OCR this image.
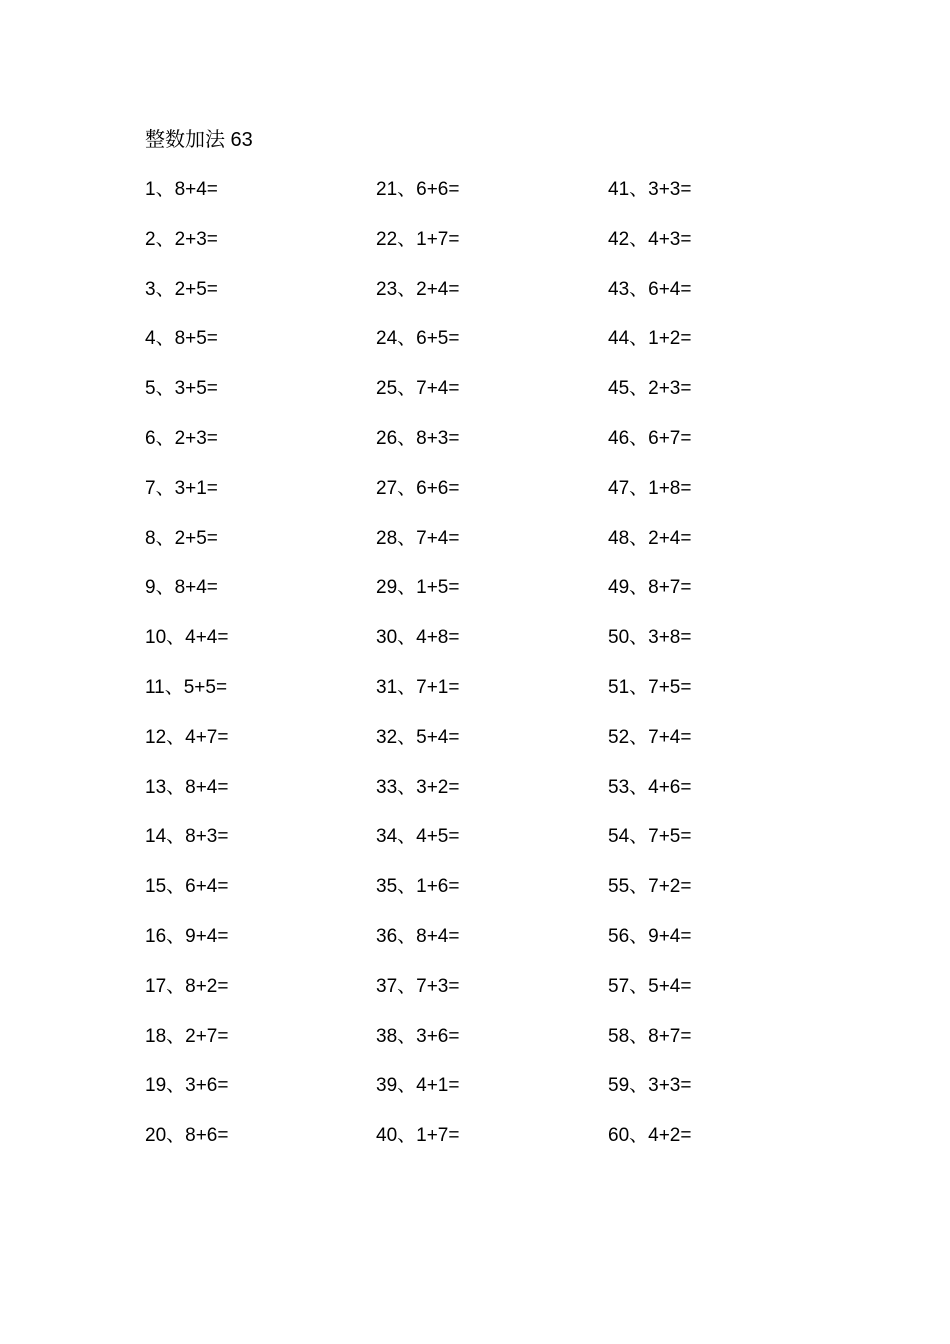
整数加法 63
1、8+4=
2、2+3=
3、2+5=
4、8+5=
5、3+5=
6、2+3=
7、3+1=
8、2+5=
9、8+4=
10、4+4=
11、5+5=
12、4+7=
13、8+4=
14、8+3=
15、6+4=
16、9+4=
17、8+2=
18、2+7=
19、3+6=
20、8+6=
21、6+6=
22、1+7=
23、2+4=
24、6+5=
25、7+4=
26、8+3=
27、6+6=
28、7+4=
29、1+5=
30、4+8=
31、7+1=
32、5+4=
33、3+2=
34、4+5=
35、1+6=
36、8+4=
37、7+3=
38、3+6=
39、4+1=
40、1+7=
41、3+3=
42、4+3=
43、6+4=
44、1+2=
45、2+3=
46、6+7=
47、1+8=
48、2+4=
49、8+7=
50、3+8=
51、7+5=
52、7+4=
53、4+6=
54、7+5=
55、7+2=
56、9+4=
57、5+4=
58、8+7=
59、3+3=
60、4+2=
